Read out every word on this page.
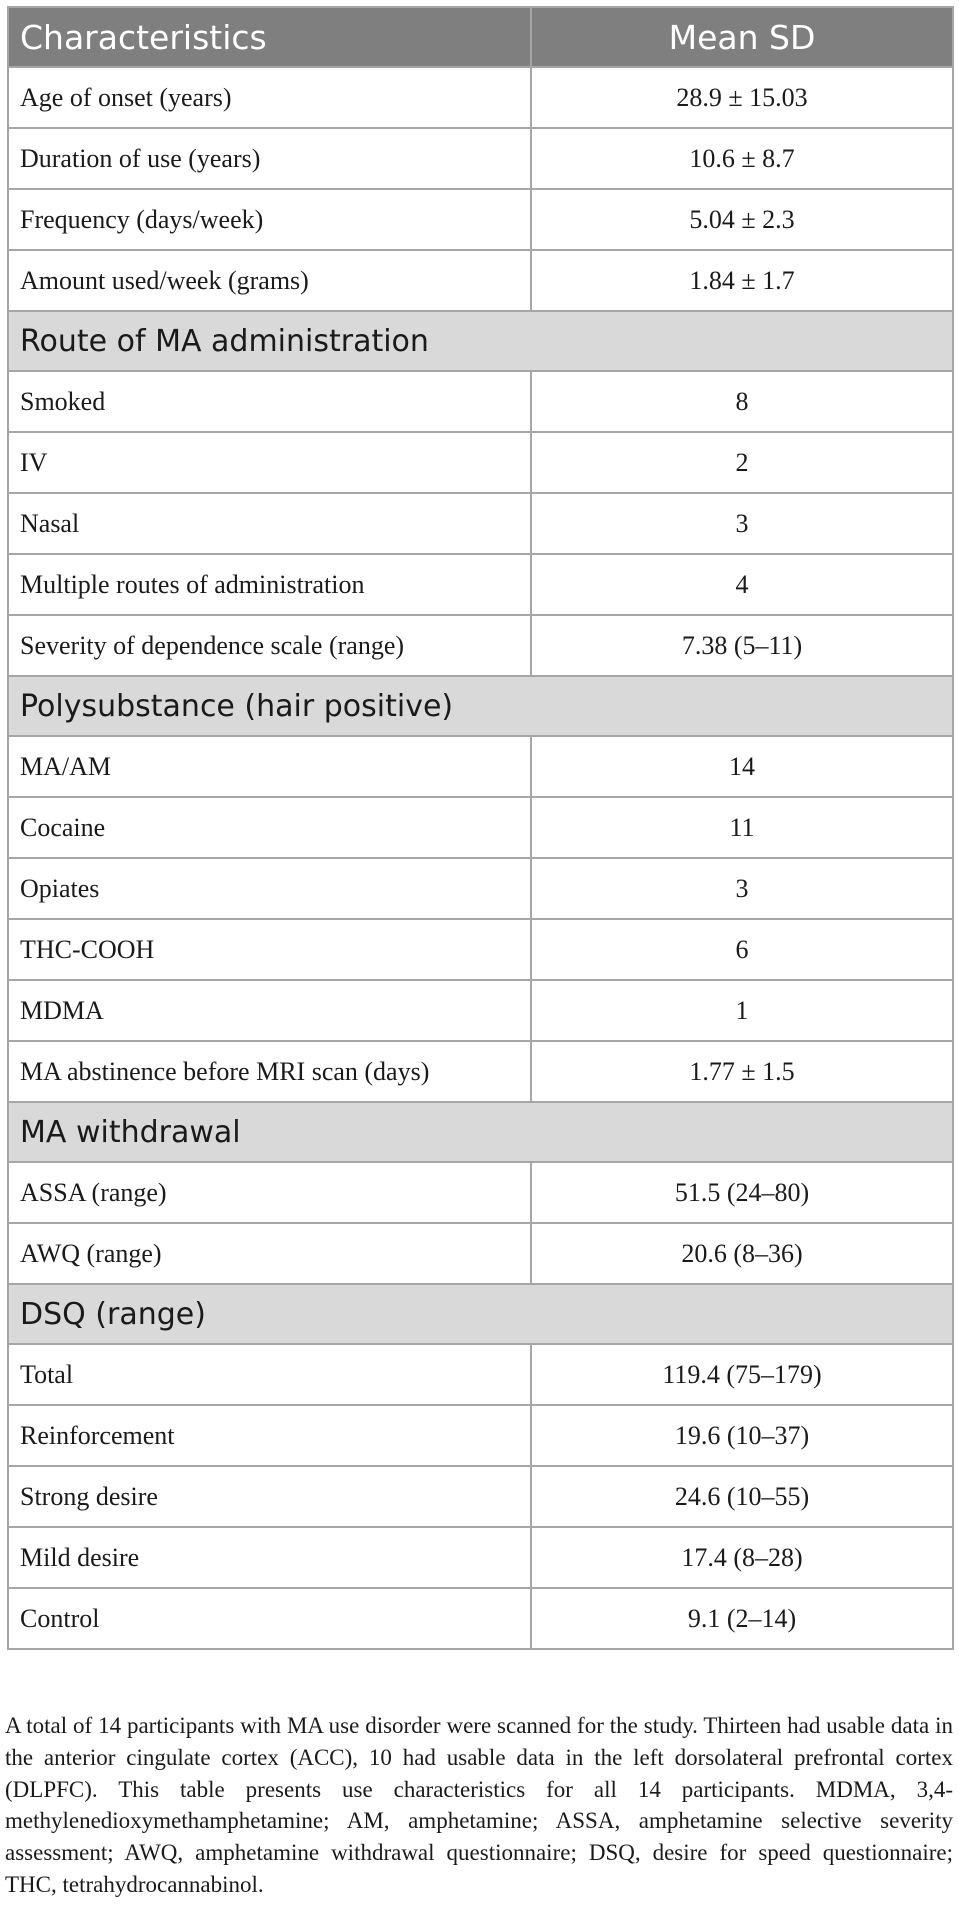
Characteristics	Mean SD
Age of onset (years)	28.9 ± 15.03
Duration of use (years)	10.6 ± 8.7
Frequency (days/week)	5.04 ± 2.3
Amount used/week (grams)	1.84 ± 1.7
Route of MA administration	
Smoked	8
IV	2
Nasal	3
Multiple routes of administration	4
Severity of dependence scale (range)	7.38 (5–11)
Polysubstance (hair positive)	
MA/AM	14
Cocaine	11
Opiates	3
THC-COOH	6
MDMA	1
MA abstinence before MRI scan (days)	1.77 ± 1.5
MA withdrawal	
ASSA (range)	51.5 (24–80)
AWQ (range)	20.6 (8–36)
DSQ (range)	
Total	119.4 (75–179)
Reinforcement	19.6 (10–37)
Strong desire	24.6 (10–55)
Mild desire	17.4 (8–28)
Control	9.1 (2–14)

A total of 14 participants with MA use disorder were scanned for the study. Thirteen had usable data in the anterior cingulate cortex (ACC), 10 had usable data in the left dorsolateral prefrontal cortex (DLPFC). This table presents use characteristics for all 14 participants. MDMA, 3,4-methylenedioxymethamphetamine; AM, amphetamine; ASSA, amphetamine selective severity assessment; AWQ, amphetamine withdrawal questionnaire; DSQ, desire for speed questionnaire; THC, tetrahydrocannabinol.
